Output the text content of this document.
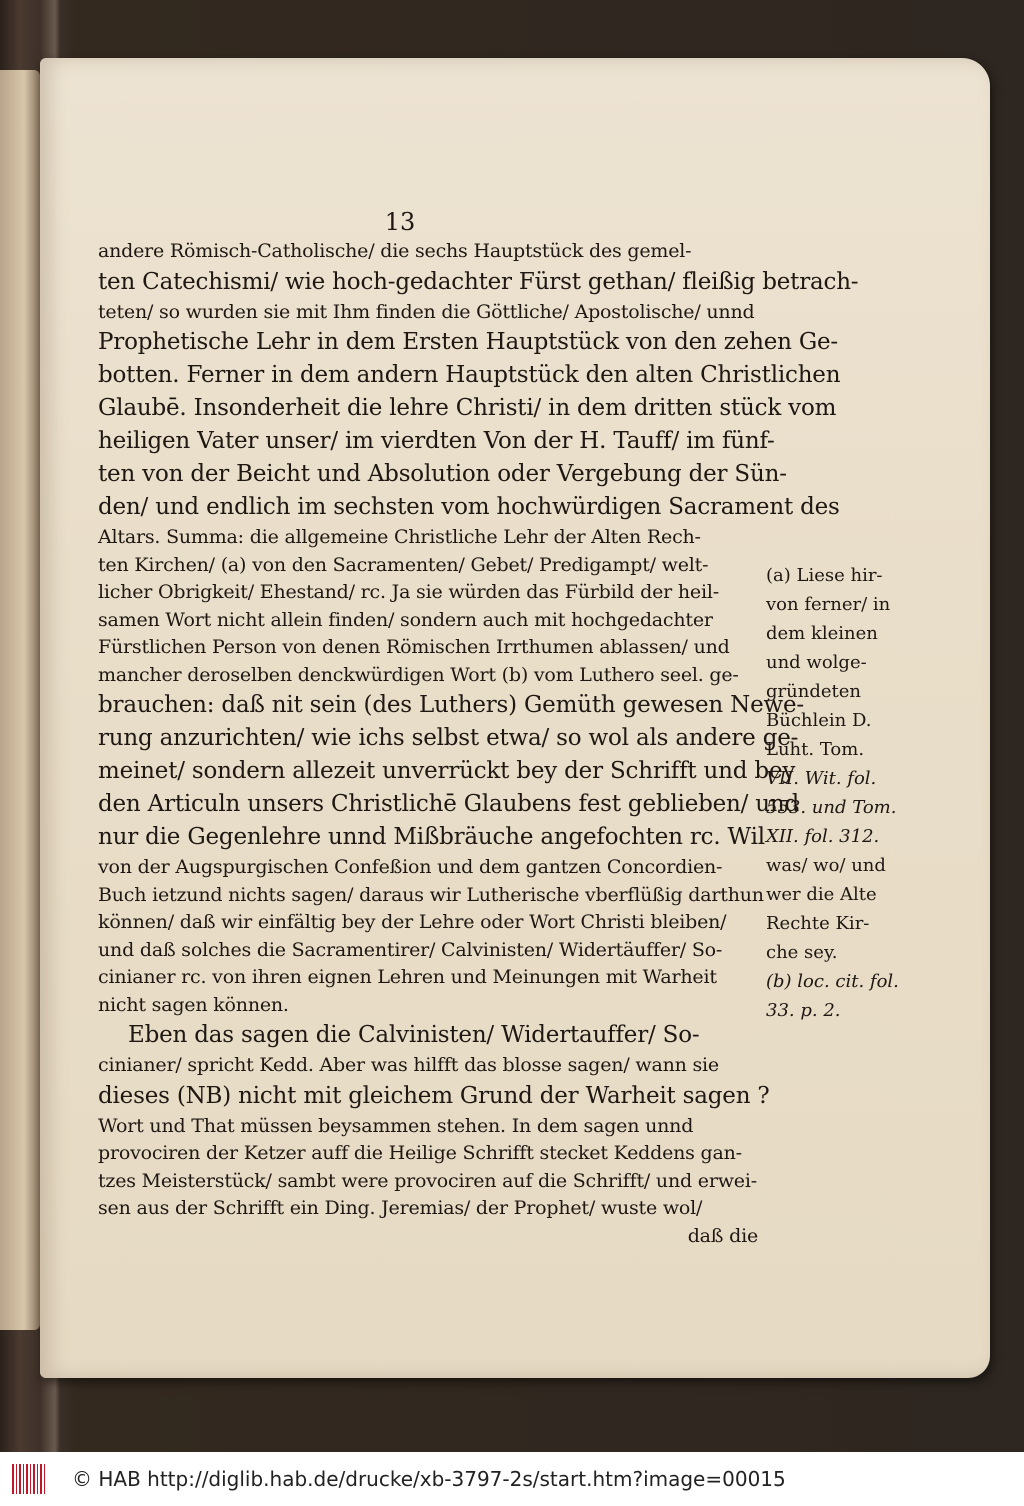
13
andere Römisch-Catholische/ die sechs Hauptstück des gemel-
ten Catechismi/ wie hoch-gedachter Fürst gethan/ fleißig betrach-
teten/ so wurden sie mit Ihm finden die Göttliche/ Apostolische/ unnd
Prophetische Lehr in dem Ersten Hauptstück von den zehen Ge-
botten. Ferner in dem andern Hauptstück den alten Christlichen
Glaubē. Insonderheit die lehre Christi/ in dem dritten stück vom
heiligen Vater unser/ im vierdten Von der H. Tauff/ im fünf-
ten von der Beicht und Absolution oder Vergebung der Sün-
den/ und endlich im sechsten vom hochwürdigen Sacrament des
Altars. Summa: die allgemeine Christliche Lehr der Alten Rech-
ten Kirchen/ (a) von den Sacramenten/ Gebet/ Predigampt/ welt-
licher Obrigkeit/ Ehestand/ rc. Ja sie würden das Fürbild der heil-
samen Wort nicht allein finden/ sondern auch mit hochgedachter
Fürstlichen Person von denen Römischen Irrthumen ablassen/ und
mancher deroselben denckwürdigen Wort (b) vom Luthero seel. ge-
brauchen: daß nit sein (des Luthers) Gemüth gewesen Newe-
rung anzurichten/ wie ichs selbst etwa/ so wol als andere ge-
meinet/ sondern allezeit unverrückt bey der Schrifft und bey
den Articuln unsers Christlichē Glaubens fest geblieben/ und
nur die Gegenlehre unnd Mißbräuche angefochten rc. Wil
von der Augspurgischen Confeßion und dem gantzen Concordien-
Buch ietzund nichts sagen/ daraus wir Lutherische vberflüßig darthun
können/ daß wir einfältig bey der Lehre oder Wort Christi bleiben/
und daß solches die Sacramentirer/ Calvinisten/ Widertäuffer/ So-
cinianer rc. von ihren eignen Lehren und Meinungen mit Warheit
nicht sagen können.
Eben das sagen die Calvinisten/ Widertauffer/ So-
cinianer/ spricht Kedd. Aber was hilfft das blosse sagen/ wann sie
dieses (NB) nicht mit gleichem Grund der Warheit sagen ?
Wort und That müssen beysammen stehen. In dem sagen unnd
provociren der Ketzer auff die Heilige Schrifft stecket Keddens gan-
tzes Meisterstück/ sambt were provociren auf die Schrifft/ und erwei-
sen aus der Schrifft ein Ding. Jeremias/ der Prophet/ wuste wol/
daß die
(a) Liese hir-
von ferner/ in
dem kleinen
und wolge-
gründeten
Büchlein D.
Luht. Tom.
VII. Wit. fol.
553. und Tom.
XII. fol. 312.
was/ wo/ und
wer die Alte
Rechte Kir-
che sey.
(b) loc. cit. fol.
33. p. 2.
© HAB http://diglib.hab.de/drucke/xb-3797-2s/start.htm?image=00015
